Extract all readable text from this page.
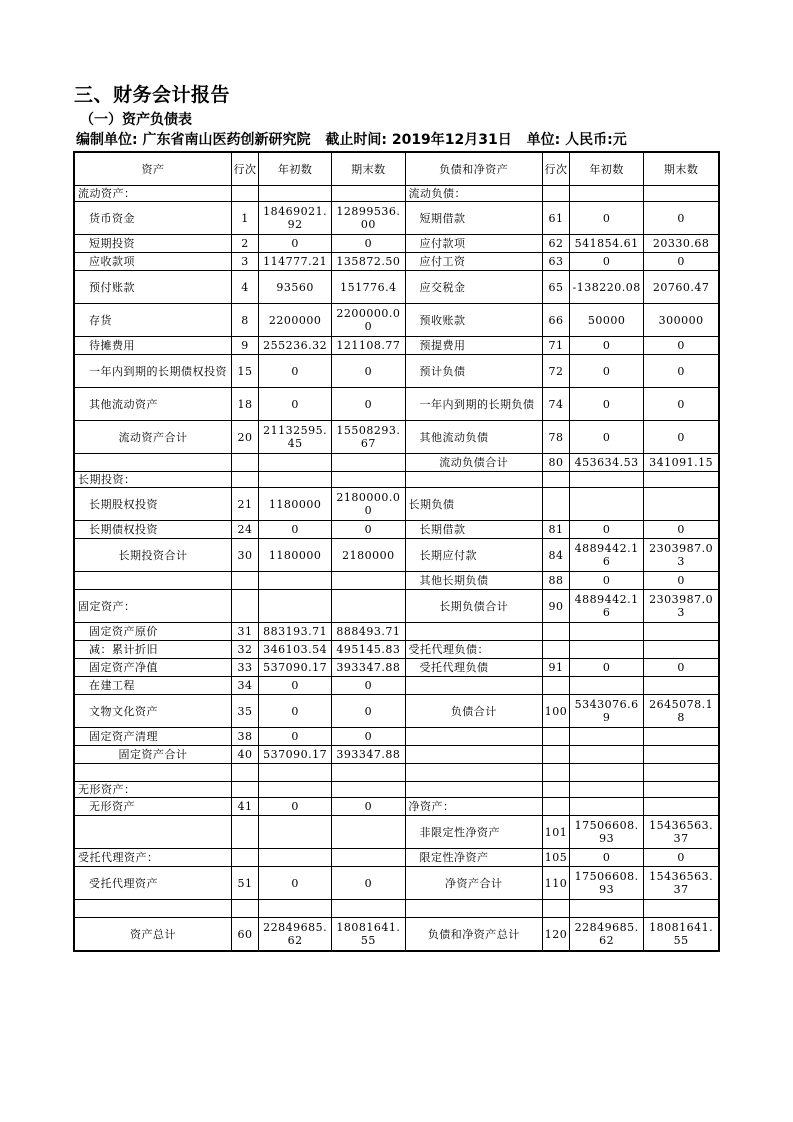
三、财务会计报告
（一）资产负债表
编制单位: 广东省南山医药创新研究院 截止时间: 2019年12月31日 单位: 人民币:元
资产	行次	年初数	期末数	负债和净资产	行次	年初数	期末数
流动资产：				流动负债：			
货币资金	1	18469021.92	12899536.00	短期借款	61	0	0
短期投资	2	0	0	应付款项	62	541854.61	20330.68
应收款项	3	114777.21	135872.50	应付工资	63	0	0
预付账款	4	93560	151776.4	应交税金	65	-138220.08	20760.47
存货	8	2200000	2200000.00	预收账款	66	50000	300000
待摊费用	9	255236.32	121108.77	预提费用	71	0	0
一年内到期的长期债权投资	15	0	0	预计负债	72	0	0
其他流动资产	18	0	0	一年内到期的长期负债	74	0	0
流动资产合计	20	21132595.45	15508293.67	其他流动负债	78	0	0
				流动负债合计	80	453634.53	341091.15
长期投资：							
长期股权投资	21	1180000	2180000.00	长期负债			
长期债权投资	24	0	0	长期借款	81	0	0
长期投资合计	30	1180000	2180000	长期应付款	84	4889442.16	2303987.03
				其他长期负债	88	0	0
固定资产：				长期负债合计	90	4889442.16	2303987.03
固定资产原价	31	883193.71	888493.71				
减：累计折旧	32	346103.54	495145.83	受托代理负债：			
固定资产净值	33	537090.17	393347.88	受托代理负债	91	0	0
在建工程	34	0	0				
文物文化资产	35	0	0	负债合计	100	5343076.69	2645078.18
固定资产清理	38	0	0				
固定资产合计	40	537090.17	393347.88				

无形资产：							
无形资产	41	0	0	净资产：			
				非限定性净资产	101	17506608.93	15436563.37
受托代理资产：				限定性净资产	105	0	0
受托代理资产	51	0	0	净资产合计	110	17506608.93	15436563.37

资产总计	60	22849685.62	18081641.55	负债和净资产总计	120	22849685.62	18081641.55
